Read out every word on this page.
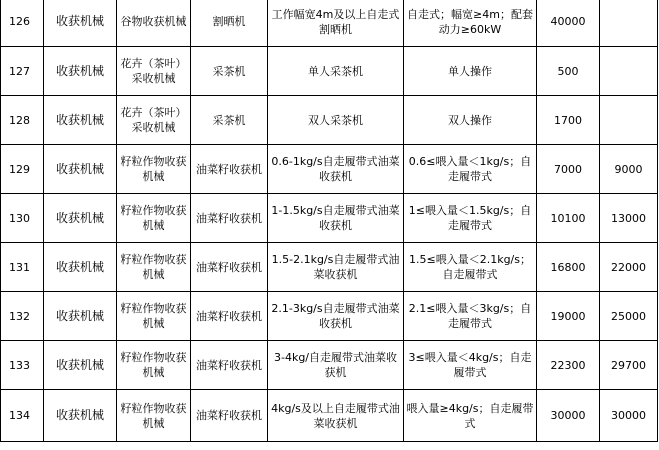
126	收获机械	谷物收获机械	割晒机	工作幅宽4m及以上自走式割晒机	自走式；幅宽≥4m；配套动力≥60kW	40000	
127	收获机械	花卉（茶叶）采收机械	采茶机	单人采茶机	单人操作	500	
128	收获机械	花卉（茶叶）采收机械	采茶机	双人采茶机	双人操作	1700	
129	收获机械	籽粒作物收获机械	油菜籽收获机	0.6-1kg/s自走履带式油菜收获机	0.6≤喂入量＜1kg/s；自走履带式	7000	9000
130	收获机械	籽粒作物收获机械	油菜籽收获机	1-1.5kg/s自走履带式油菜收获机	1≤喂入量＜1.5kg/s；自走履带式	10100	13000
131	收获机械	籽粒作物收获机械	油菜籽收获机	1.5-2.1kg/s自走履带式油菜收获机	1.5≤喂入量＜2.1kg/s；自走履带式	16800	22000
132	收获机械	籽粒作物收获机械	油菜籽收获机	2.1-3kg/s自走履带式油菜收获机	2.1≤喂入量＜3kg/s；自走履带式	19000	25000
133	收获机械	籽粒作物收获机械	油菜籽收获机	3-4kg/自走履带式油菜收获机	3≤喂入量＜4kg/s；自走履带式	22300	29700
134	收获机械	籽粒作物收获机械	油菜籽收获机	4kg/s及以上自走履带式油菜收获机	喂入量≥4kg/s；自走履带式	30000	30000
